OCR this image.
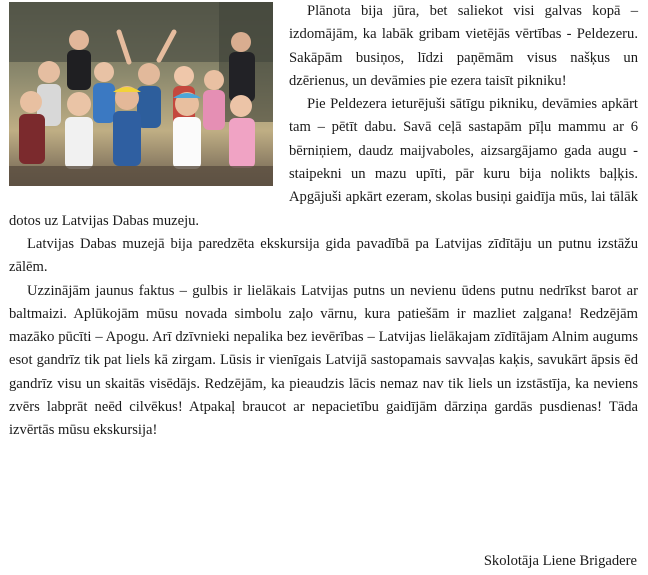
Plānota bija jūra, bet saliekot visi galvas kopā – izdomājām, ka labāk gribam vietējās vērtības - Peldezeru. Sakāpām busiņos, līdzi paņēmām visus našķus un dzērienus, un devāmies pie ezera taisīt pikniku!

Pie Peldezera ieturējuši sātīgu pikniku, devāmies apkārt tam – pētīt dabu. Savā ceļā sastapām pīļu mammu ar 6 bērniņiem, daudz maijvaboles, aizsargājamo gada augu - staipekni un mazu upīti, pār kuru bija nolikts baļķis. Apgājuši apkārt ezeram, skolas busiņi gaidīja mūs, lai tālāk dotos uz Latvijas Dabas muzeju.

Latvijas Dabas muzejā bija paredzēta ekskursija gida pavadībā pa Latvijas zīdītāju un putnu izstāžu zālēm.

Uzzinājām jaunus faktus – gulbis ir lielākais Latvijas putns un nevienu ūdens putnu nedrīkst barot ar baltmaizi. Aplūkojām mūsu novada simbolu zaļo vārnu, kura patiešām ir mazliet zaļgana! Redzējām mazāko pūcīti – Apogu. Arī dzīvnieki nepalika bez ievērības – Latvijas lielākajam zīdītājam Alnim augums esot gandrīz tik pat liels kā zirgam. Lūsis ir vienīgais Latvijā sastopamais savvaļas kaķis, savukārt āpsis ēd gandrīz visu un skaitās visēdājs. Redzējām, ka pieaudzis lācis nemaz nav tik liels un izstāstīja, ka neviens zvērs labprāt neēd cilvēkus! Atpakaļ braucot ar nepacietību gaidījām dārziņa gardās pusdienas! Tāda izvērtās mūsu ekskursija!

Skolotāja Liene Brigadere
